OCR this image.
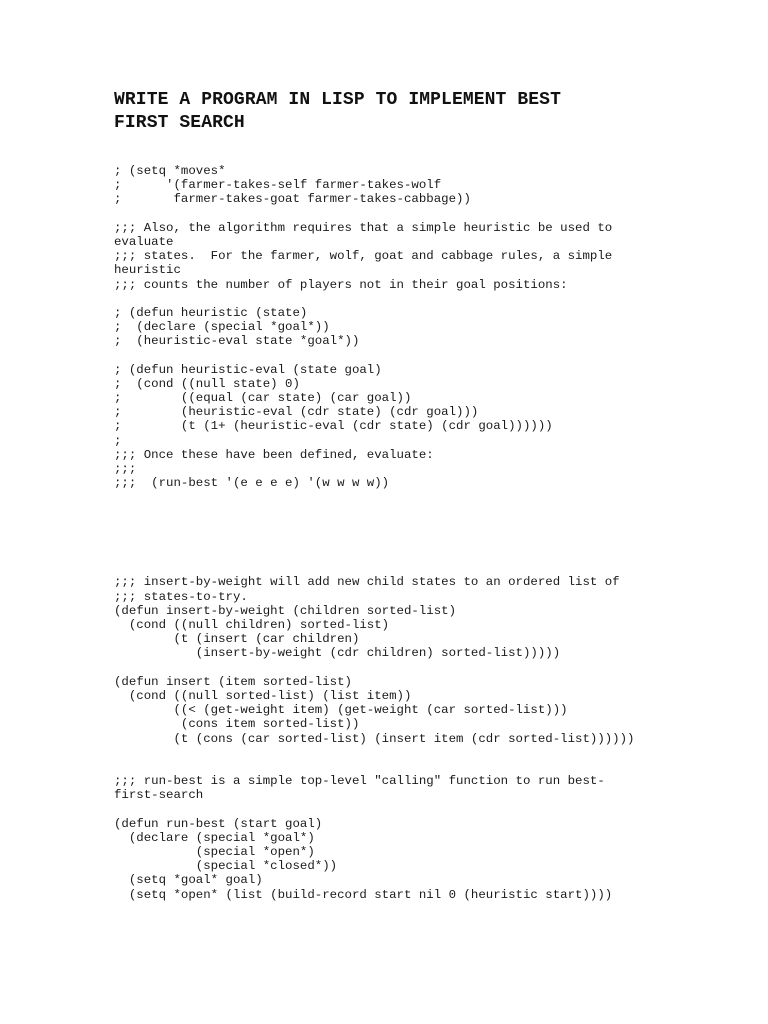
WRITE A PROGRAM IN LISP TO IMPLEMENT BEST
FIRST SEARCH
; (setq *moves*
;      '(farmer-takes-self farmer-takes-wolf
;       farmer-takes-goat farmer-takes-cabbage))
;;; Also, the algorithm requires that a simple heuristic be used to
evaluate
;;; states.  For the farmer, wolf, goat and cabbage rules, a simple
heuristic
;;; counts the number of players not in their goal positions:
; (defun heuristic (state)
;  (declare (special *goal*))
;  (heuristic-eval state *goal*))
; (defun heuristic-eval (state goal)
;  (cond ((null state) 0)
;        ((equal (car state) (car goal))
;        (heuristic-eval (cdr state) (cdr goal)))
;        (t (1+ (heuristic-eval (cdr state) (cdr goal))))))
;
;;; Once these have been defined, evaluate:
;;;
;;;  (run-best '(e e e e) '(w w w w))
;;; insert-by-weight will add new child states to an ordered list of
;;; states-to-try.
(defun insert-by-weight (children sorted-list)
(cond ((null children) sorted-list)
(t (insert (car children)
(insert-by-weight (cdr children) sorted-list)))))
(defun insert (item sorted-list)
(cond ((null sorted-list) (list item))
((< (get-weight item) (get-weight (car sorted-list)))
(cons item sorted-list))
(t (cons (car sorted-list) (insert item (cdr sorted-list))))))
;;; run-best is a simple top-level "calling" function to run best-
first-search
(defun run-best (start goal)
(declare (special *goal*)
(special *open*)
(special *closed*))
(setq *goal* goal)
(setq *open* (list (build-record start nil 0 (heuristic start))))
